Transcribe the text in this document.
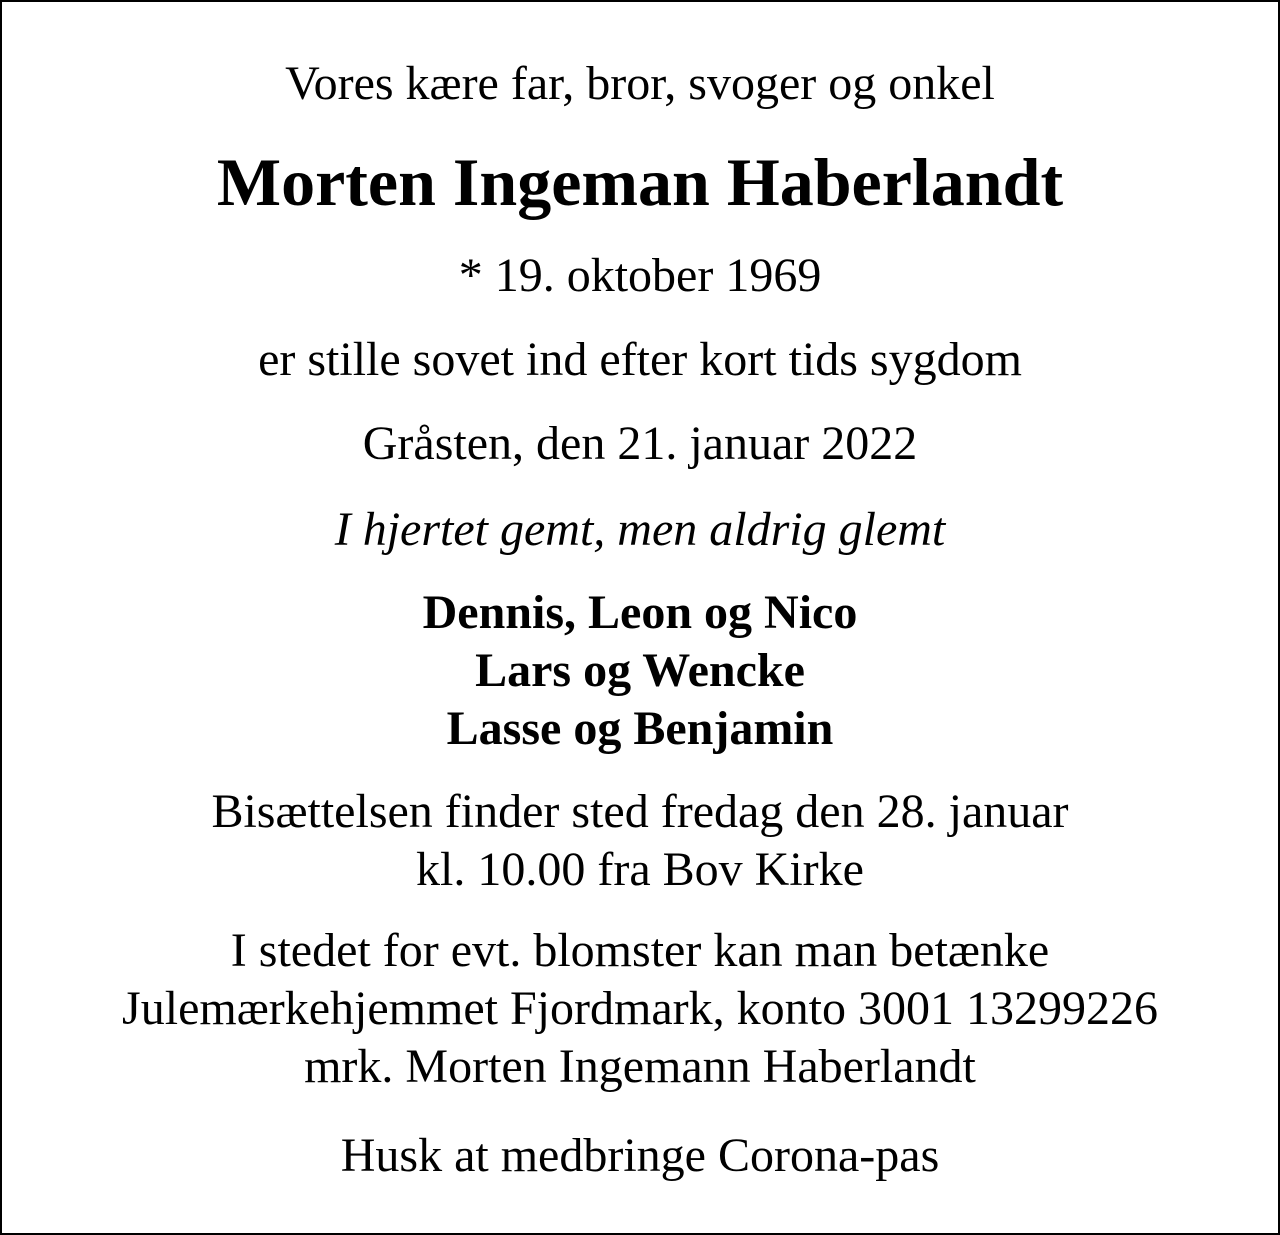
Vores kære far, bror, svoger og onkel
Morten Ingeman Haberlandt
* 19. oktober 1969
er stille sovet ind efter kort tids sygdom
Gråsten, den 21. januar 2022
I hjertet gemt, men aldrig glemt
Dennis, Leon og Nico
Lars og Wencke
Lasse og Benjamin
Bisættelsen finder sted fredag den 28. januar
kl. 10.00 fra Bov Kirke
I stedet for evt. blomster kan man betænke
Julemærkehjemmet Fjordmark, konto 3001 13299226
mrk. Morten Ingemann Haberlandt
Husk at medbringe Corona-pas
